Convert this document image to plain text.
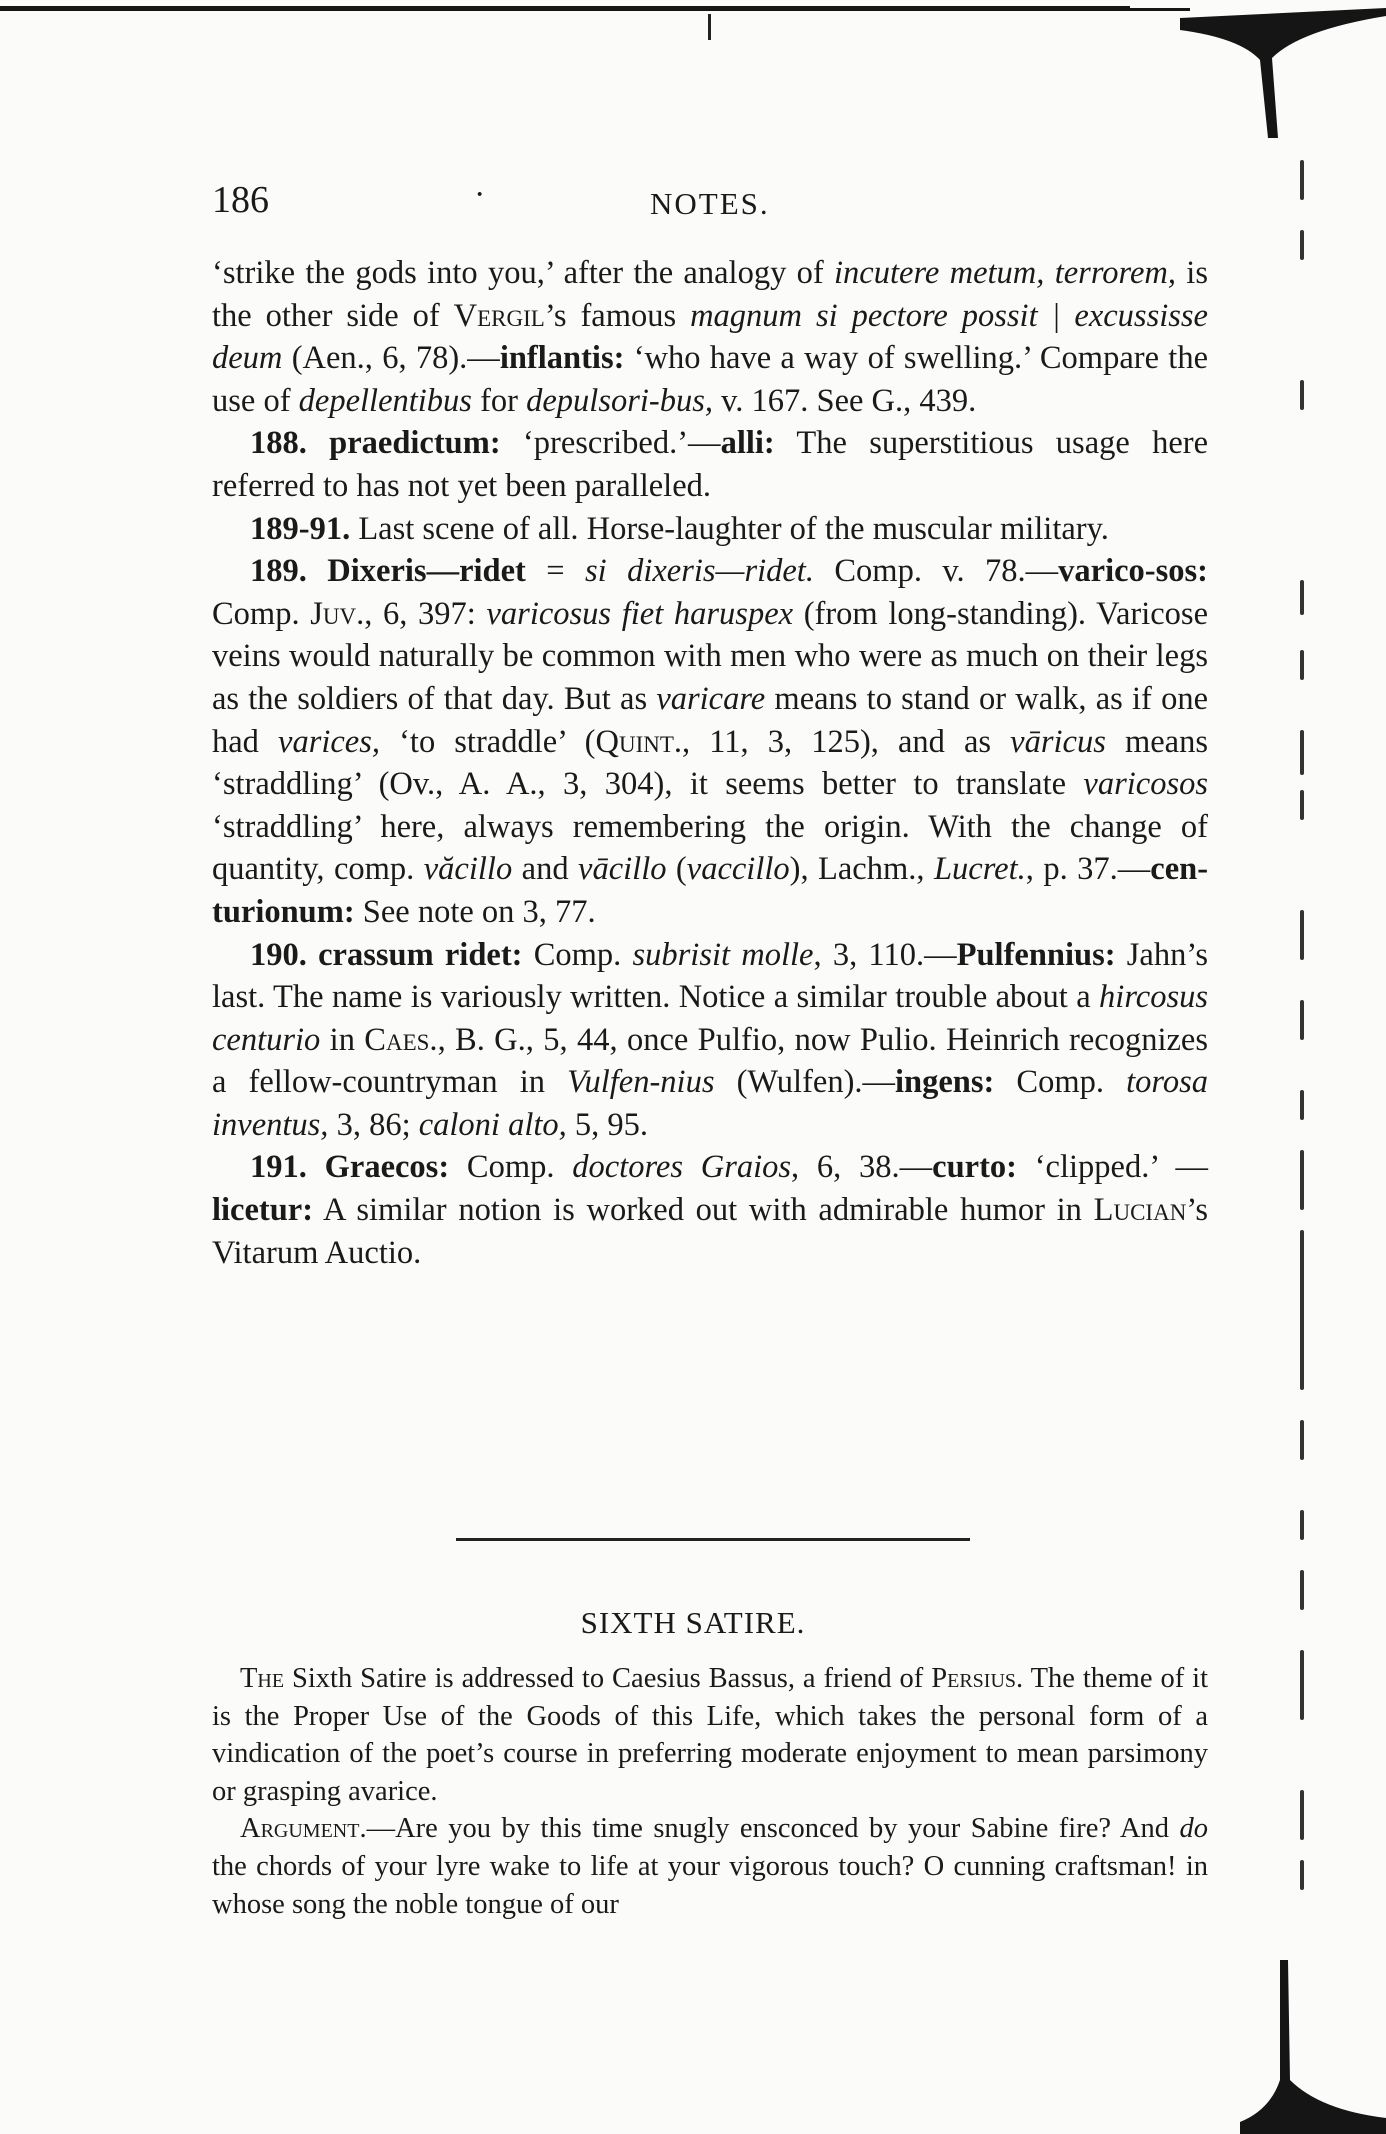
186	·	NOTES.

‘strike the gods into you,’ after the analogy of incutere metum, terrorem, is the other side of Vergil’s famous magnum si pectore possit | excussisse deum (Aen., 6, 78).—inflantis: ‘who have a way of swelling.’ Compare the use of depellentibus for depulsori-bus, v. 167. See G., 439.

188. praedictum: ‘prescribed.’—alli: The superstitious usage here referred to has not yet been paralleled.

189-91. Last scene of all. Horse-laughter of the muscular military.

189. Dixeris—ridet = si dixeris—ridet. Comp. v. 78.—varico-sos: Comp. Juv., 6, 397: varicosus fiet haruspex (from long-standing). Varicose veins would naturally be common with men who were as much on their legs as the soldiers of that day. But as varicare means to stand or walk, as if one had varices, ‘to straddle’ (Quint., 11, 3, 125), and as vāricus means ‘straddling’ (Ov., A. A., 3, 304), it seems better to translate varicosos ‘straddling’ here, always remembering the origin. With the change of quantity, comp. văcillo and vācillo (vaccillo), Lachm., Lucret., p. 37.—cen-turionum: See note on 3, 77.

190. crassum ridet: Comp. subrisit molle, 3, 110.—Pulfennius: Jahn’s last. The name is variously written. Notice a similar trouble about a hircosus centurio in Caes., B. G., 5, 44, once Pulfio, now Pulio. Heinrich recognizes a fellow-countryman in Vulfen-nius (Wulfen).—ingens: Comp. torosa inventus, 3, 86; caloni alto, 5, 95.

191. Graecos: Comp. doctores Graios, 6, 38.—curto: ‘clipped.’ —licetur: A similar notion is worked out with admirable humor in Lucian’s Vitarum Auctio.

SIXTH SATIRE.

The Sixth Satire is addressed to Caesius Bassus, a friend of Persius. The theme of it is the Proper Use of the Goods of this Life, which takes the personal form of a vindication of the poet’s course in preferring moderate enjoyment to mean parsimony or grasping avarice.

Argument.—Are you by this time snugly ensconced by your Sabine fire? And do the chords of your lyre wake to life at your vigorous touch? O cunning craftsman! in whose song the noble tongue of our
